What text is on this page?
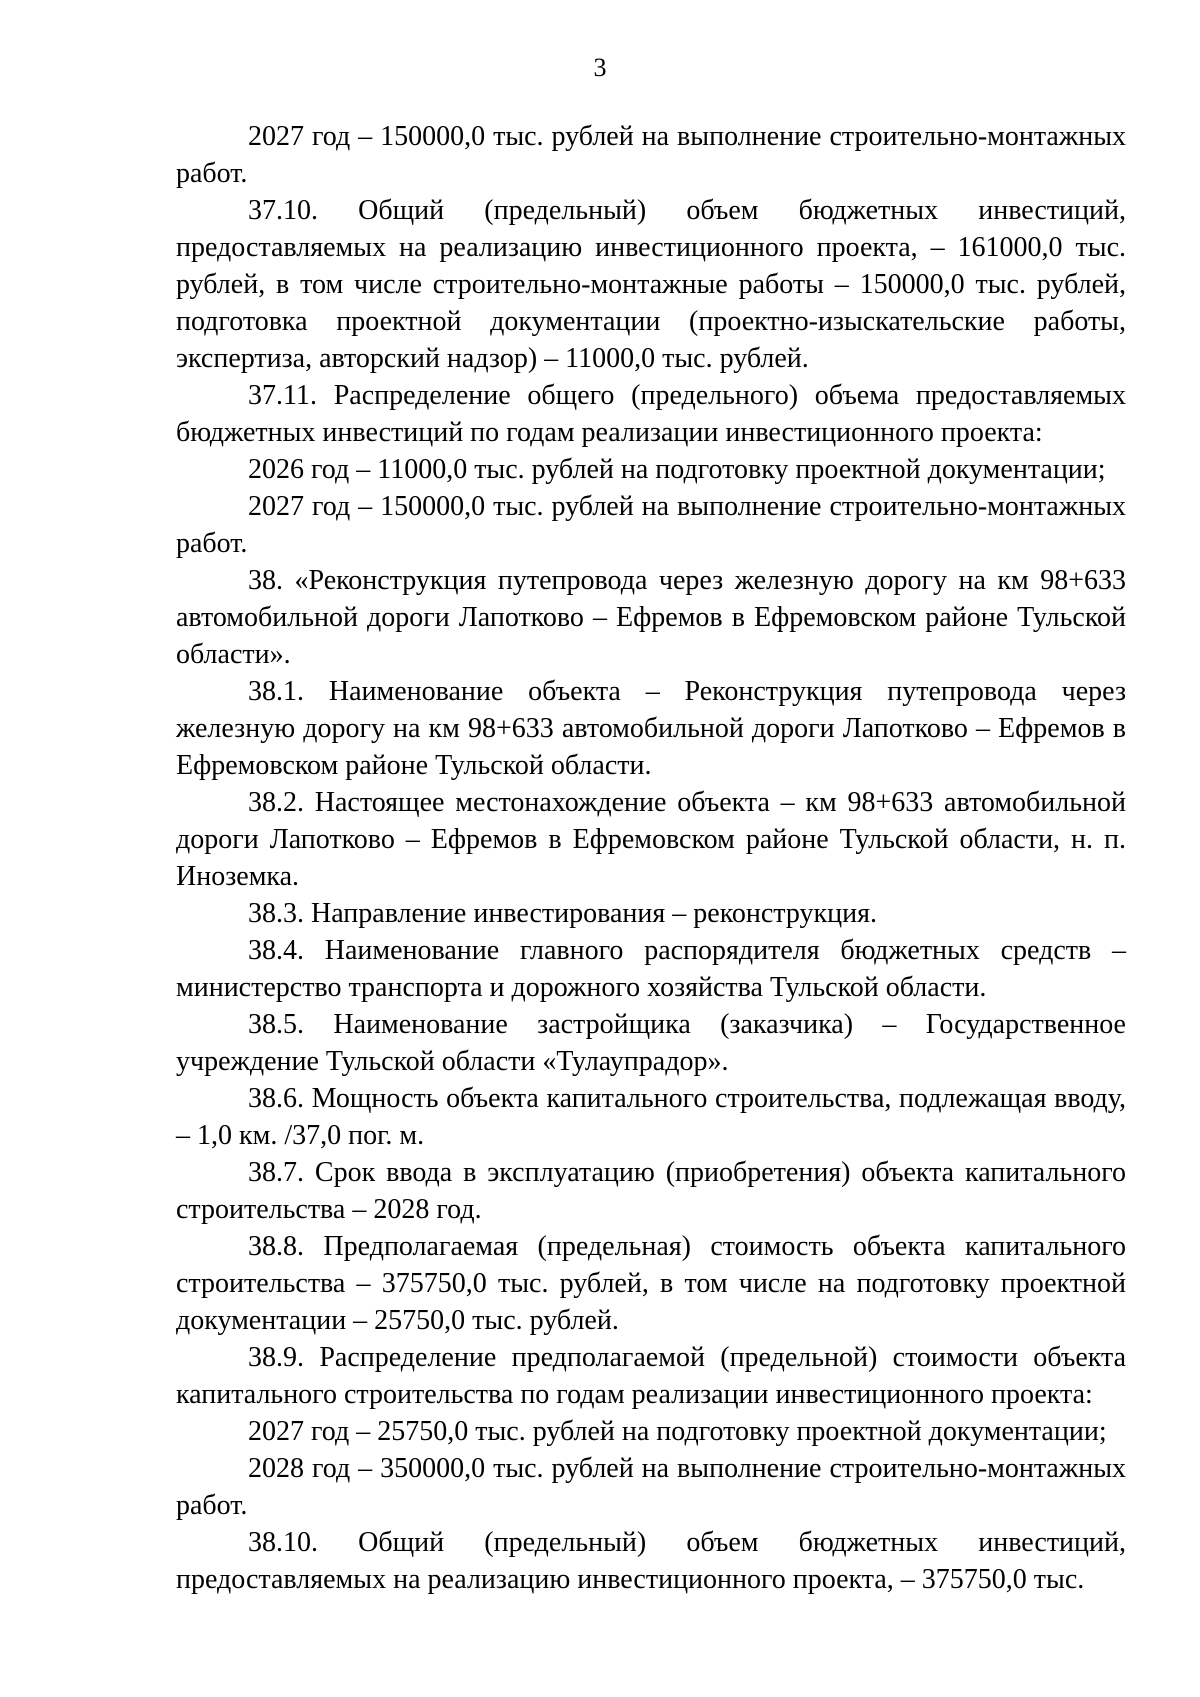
3

2027 год – 150000,0 тыс. рублей на выполнение строительно-монтажных работ.

37.10. Общий (предельный) объем бюджетных инвестиций, предоставляемых на реализацию инвестиционного проекта, – 161000,0 тыс. рублей, в том числе строительно-монтажные работы – 150000,0 тыс. рублей, подготовка проектной документации (проектно-изыскательские работы, экспертиза, авторский надзор) – 11000,0 тыс. рублей.

37.11. Распределение общего (предельного) объема предоставляемых бюджетных инвестиций по годам реализации инвестиционного проекта:

2026 год – 11000,0 тыс. рублей на подготовку проектной документации;

2027 год – 150000,0 тыс. рублей на выполнение строительно-монтажных работ.

38. «Реконструкция путепровода через железную дорогу на км 98+633 автомобильной дороги Лапотково – Ефремов в Ефремовском районе Тульской области».

38.1. Наименование объекта – Реконструкция путепровода через железную дорогу на км 98+633 автомобильной дороги Лапотково – Ефремов в Ефремовском районе Тульской области.

38.2. Настоящее местонахождение объекта – км 98+633 автомобильной дороги Лапотково – Ефремов в Ефремовском районе Тульской области, н. п. Иноземка.

38.3. Направление инвестирования – реконструкция.

38.4. Наименование главного распорядителя бюджетных средств – министерство транспорта и дорожного хозяйства Тульской области.

38.5. Наименование застройщика (заказчика) – Государственное учреждение Тульской области «Тулаупрадор».

38.6. Мощность объекта капитального строительства, подлежащая вводу, – 1,0 км. /37,0 пог. м.

38.7. Срок ввода в эксплуатацию (приобретения) объекта капитального строительства – 2028 год.

38.8. Предполагаемая (предельная) стоимость объекта капитального строительства – 375750,0 тыс. рублей, в том числе на подготовку проектной документации – 25750,0 тыс. рублей.

38.9. Распределение предполагаемой (предельной) стоимости объекта капитального строительства по годам реализации инвестиционного проекта:

2027 год – 25750,0 тыс. рублей на подготовку проектной документации;

2028 год – 350000,0 тыс. рублей на выполнение строительно-монтажных работ.

38.10. Общий (предельный) объем бюджетных инвестиций, предоставляемых на реализацию инвестиционного проекта, – 375750,0 тыс.
